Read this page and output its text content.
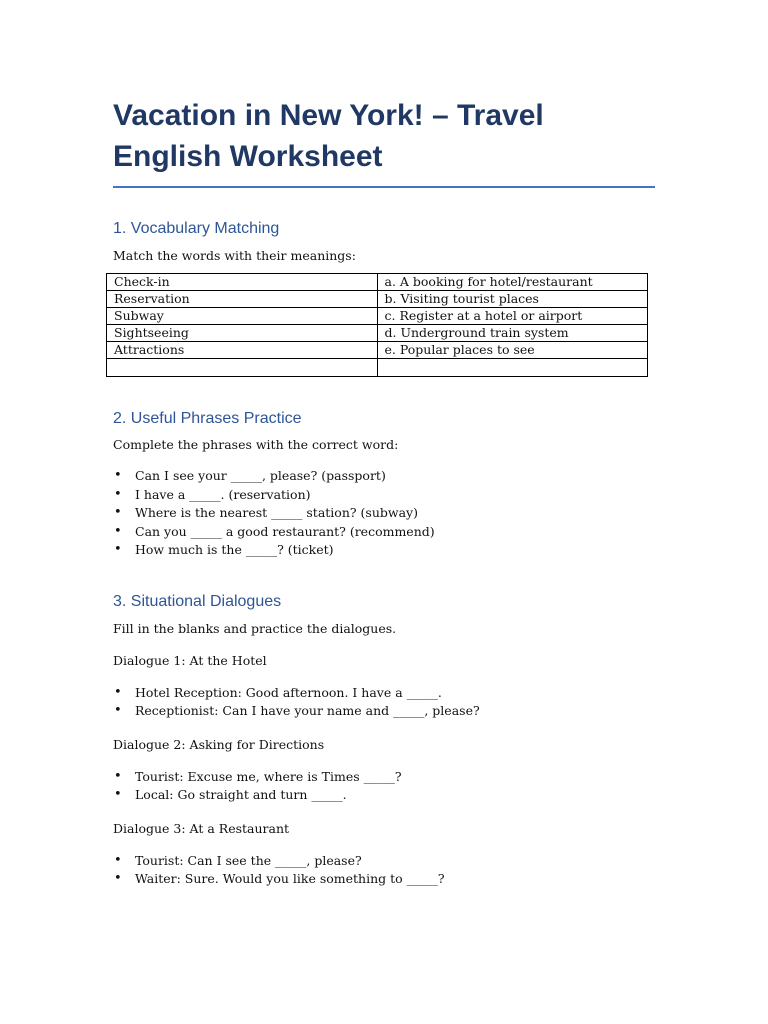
Vacation in New York! – Travel English Worksheet
1. Vocabulary Matching

Match the words with their meanings:

Check-in	a. A booking for hotel/restaurant
Reservation	b. Visiting tourist places
Subway	c. Register at a hotel or airport
Sightseeing	d. Underground train system
Attractions	e. Popular places to see

2. Useful Phrases Practice

Complete the phrases with the correct word:

• Can I see your _____, please? (passport)
• I have a _____. (reservation)
• Where is the nearest _____ station? (subway)
• Can you _____ a good restaurant? (recommend)
• How much is the _____? (ticket)
3. Situational Dialogues

Fill in the blanks and practice the dialogues.

Dialogue 1: At the Hotel

• Hotel Reception: Good afternoon. I have a _____.
• Receptionist: Can I have your name and _____, please?

Dialogue 2: Asking for Directions

• Tourist: Excuse me, where is Times _____?
• Local: Go straight and turn _____.

Dialogue 3: At a Restaurant

• Tourist: Can I see the _____, please?
• Waiter: Sure. Would you like something to _____?
